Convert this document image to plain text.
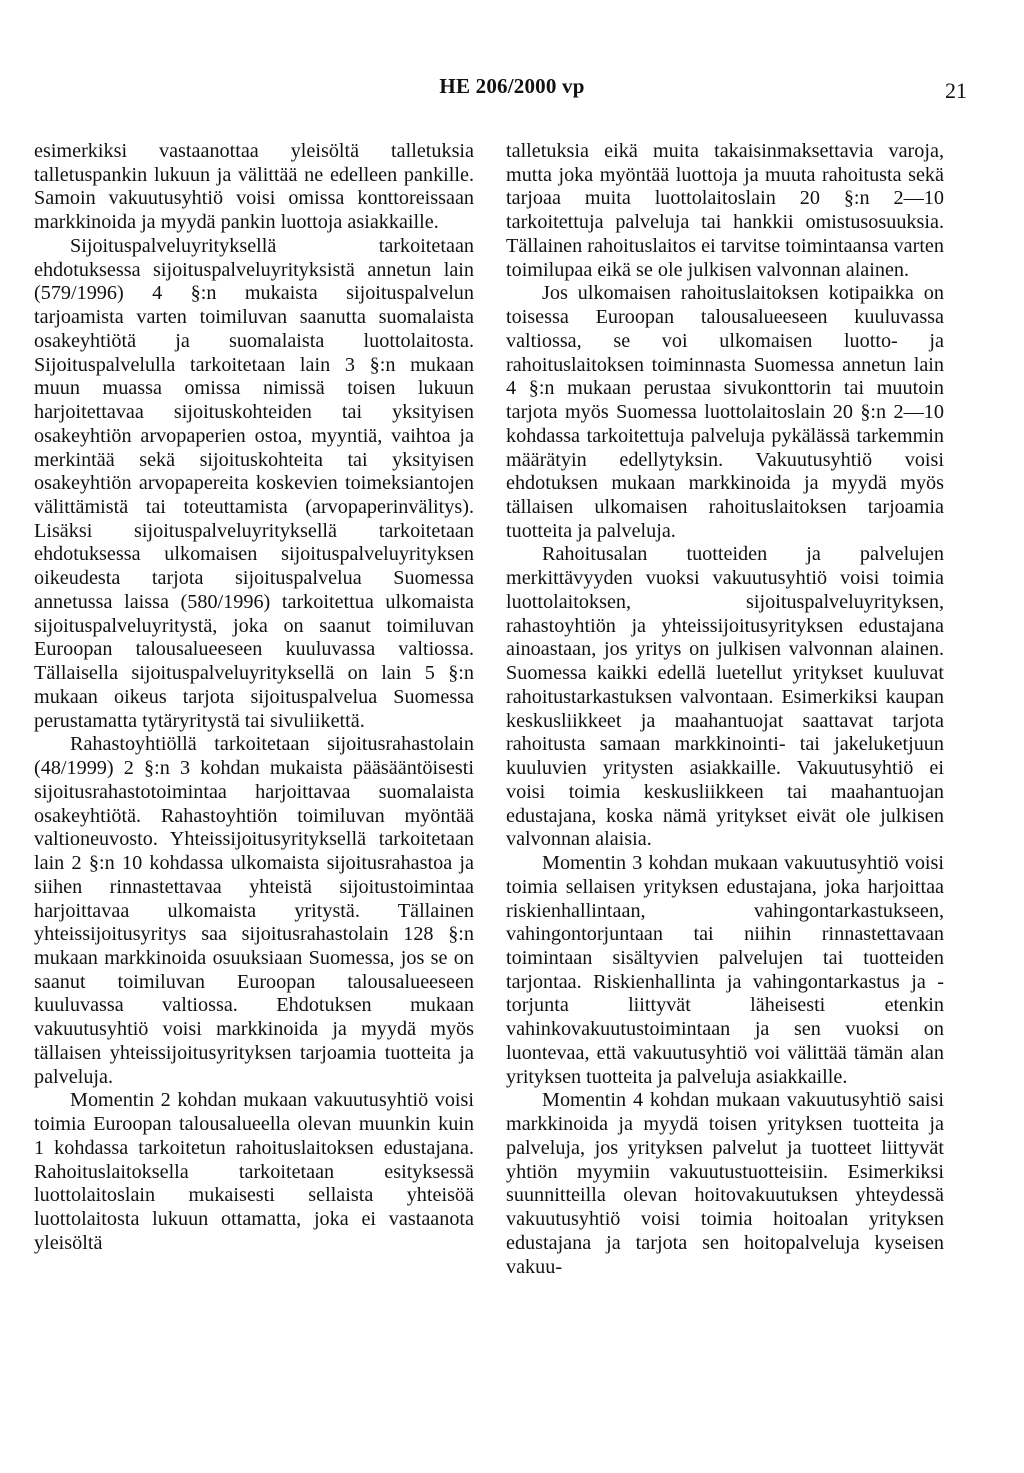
HE 206/2000 vp	21

esimerkiksi vastaanottaa yleisöltä talletuksia talletuspankin lukuun ja välittää ne edelleen pankille. Samoin vakuutusyhtiö voisi omissa konttoreissaan markkinoida ja myydä pankin luottoja asiakkaille.

Sijoituspalveluyrityksellä tarkoitetaan ehdotuksessa sijoituspalveluyrityksistä annetun lain (579/1996) 4 §:n mukaista sijoituspalvelun tarjoamista varten toimiluvan saanutta suomalaista osakeyhtiötä ja suomalaista luottolaitosta. Sijoituspalvelulla tarkoitetaan lain 3 §:n mukaan muun muassa omissa nimissä toisen lukuun harjoitettavaa sijoituskohteiden tai yksityisen osakeyhtiön arvopaperien ostoa, myyntiä, vaihtoa ja merkintää sekä sijoituskohteita tai yksityisen osakeyhtiön arvopapereita koskevien toimeksiantojen välittämistä tai toteuttamista (arvopaperinvälitys). Lisäksi sijoituspalveluyrityksellä tarkoitetaan ehdotuksessa ulkomaisen sijoituspalveluyrityksen oikeudesta tarjota sijoituspalvelua Suomessa annetussa laissa (580/1996) tarkoitettua ulkomaista sijoituspalveluyritystä, joka on saanut toimiluvan Euroopan talousalueeseen kuuluvassa valtiossa. Tällaisella sijoituspalveluyrityksellä on lain 5 §:n mukaan oikeus tarjota sijoituspalvelua Suomessa perustamatta tytäryritystä tai sivuliikettä.

Rahastoyhtiöllä tarkoitetaan sijoitusrahastolain (48/1999) 2 §:n 3 kohdan mukaista pääsääntöisesti sijoitusrahastotoimintaa harjoittavaa suomalaista osakeyhtiötä. Rahastoyhtiön toimiluvan myöntää valtioneuvosto. Yhteissijoitusyrityksellä tarkoitetaan lain 2 §:n 10 kohdassa ulkomaista sijoitusrahastoa ja siihen rinnastettavaa yhteistä sijoitustoimintaa harjoittavaa ulkomaista yritystä. Tällainen yhteissijoitusyritys saa sijoitusrahastolain 128 §:n mukaan markkinoida osuuksiaan Suomessa, jos se on saanut toimiluvan Euroopan talousalueeseen kuuluvassa valtiossa. Ehdotuksen mukaan vakuutusyhtiö voisi markkinoida ja myydä myös tällaisen yhteissijoitusyrityksen tarjoamia tuotteita ja palveluja.

Momentin 2 kohdan mukaan vakuutusyhtiö voisi toimia Euroopan talousalueella olevan muunkin kuin 1 kohdassa tarkoitetun rahoituslaitoksen edustajana. Rahoituslaitoksella tarkoitetaan esityksessä luottolaitoslain mukaisesti sellaista yhteisöä luottolaitosta lukuun ottamatta, joka ei vastaanota yleisöltä

talletuksia eikä muita takaisinmaksettavia varoja, mutta joka myöntää luottoja ja muuta rahoitusta sekä tarjoaa muita luottolaitoslain 20 §:n 2—10 tarkoitettuja palveluja tai hankkii omistusosuuksia. Tällainen rahoituslaitos ei tarvitse toimintaansa varten toimilupaa eikä se ole julkisen valvonnan alainen.

Jos ulkomaisen rahoituslaitoksen kotipaikka on toisessa Euroopan talousalueeseen kuuluvassa valtiossa, se voi ulkomaisen luotto- ja rahoituslaitoksen toiminnasta Suomessa annetun lain 4 §:n mukaan perustaa sivukonttorin tai muutoin tarjota myös Suomessa luottolaitoslain 20 §:n 2—10 kohdassa tarkoitettuja palveluja pykälässä tarkemmin määrätyin edellytyksin. Vakuutusyhtiö voisi ehdotuksen mukaan markkinoida ja myydä myös tällaisen ulkomaisen rahoituslaitoksen tarjoamia tuotteita ja palveluja.

Rahoitusalan tuotteiden ja palvelujen merkittävyyden vuoksi vakuutusyhtiö voisi toimia luottolaitoksen, sijoituspalveluyrityksen, rahastoyhtiön ja yhteissijoitusyrityksen edustajana ainoastaan, jos yritys on julkisen valvonnan alainen. Suomessa kaikki edellä luetellut yritykset kuuluvat rahoitustarkastuksen valvontaan. Esimerkiksi kaupan keskusliikkeet ja maahantuojat saattavat tarjota rahoitusta samaan markkinointi- tai jakeluketjuun kuuluvien yritysten asiakkaille. Vakuutusyhtiö ei voisi toimia keskusliikkeen tai maahantuojan edustajana, koska nämä yritykset eivät ole julkisen valvonnan alaisia.

Momentin 3 kohdan mukaan vakuutusyhtiö voisi toimia sellaisen yrityksen edustajana, joka harjoittaa riskienhallintaan, vahingontarkastukseen, vahingontorjuntaan tai niihin rinnastettavaan toimintaan sisältyvien palvelujen tai tuotteiden tarjontaa. Riskienhallinta ja vahingontarkastus ja -torjunta liittyvät läheisesti etenkin vahinkovakuutustoimintaan ja sen vuoksi on luontevaa, että vakuutusyhtiö voi välittää tämän alan yrityksen tuotteita ja palveluja asiakkaille.

Momentin 4 kohdan mukaan vakuutusyhtiö saisi markkinoida ja myydä toisen yrityksen tuotteita ja palveluja, jos yrityksen palvelut ja tuotteet liittyvät yhtiön myymiin vakuutustuotteisiin. Esimerkiksi suunnitteilla olevan hoitovakuutuksen yhteydessä vakuutusyhtiö voisi toimia hoitoalan yrityksen edustajana ja tarjota sen hoitopalveluja kyseisen vakuu-
